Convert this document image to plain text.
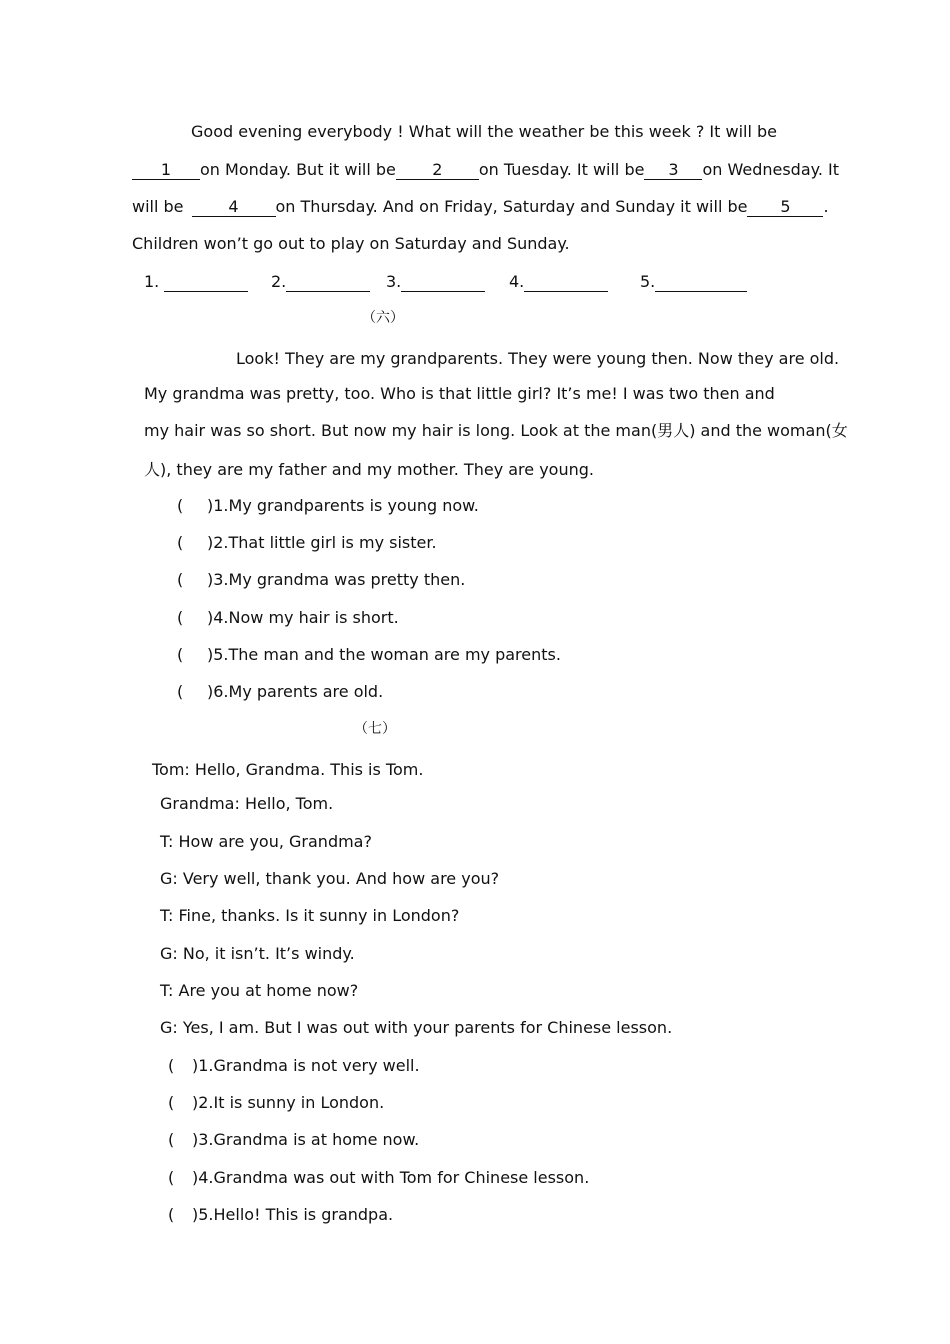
Good evening everybody ! What will the weather be this week ? It will be
1 on Monday. But it will be 2 on Tuesday. It will be 3 on Wednesday. It
will be	4 on Thursday. And on Friday, Saturday and Sunday it will be 5 .
Children won’t go out to play on Saturday and Sunday.
1.	2.	3.	4.	5.
（六）
Look! They are my grandparents. They were young then. Now they are old.
My grandma was pretty, too. Who is that little girl? It’s me! I was two then and
my hair was so short. But now my hair is long. Look at the man(男人) and the woman(女
人), they are my father and my mother. They are young.
( )1.My grandparents is young now.
( )2.That little girl is my sister.
( )3.My grandma was pretty then.
( )4.Now my hair is short.
( )5.The man and the woman are my parents.
( )6.My parents are old.
（七）
Tom: Hello, Grandma. This is Tom.
Grandma: Hello, Tom.
T: How are you, Grandma?
G: Very well, thank you. And how are you?
T: Fine, thanks. Is it sunny in London?
G: No, it isn’t. It’s windy.
T: Are you at home now?
G: Yes, I am. But I was out with your parents for Chinese lesson.
( )1.Grandma is not very well.
( )2.It is sunny in London.
( )3.Grandma is at home now.
( )4.Grandma was out with Tom for Chinese lesson.
( )5.Hello! This is grandpa.
